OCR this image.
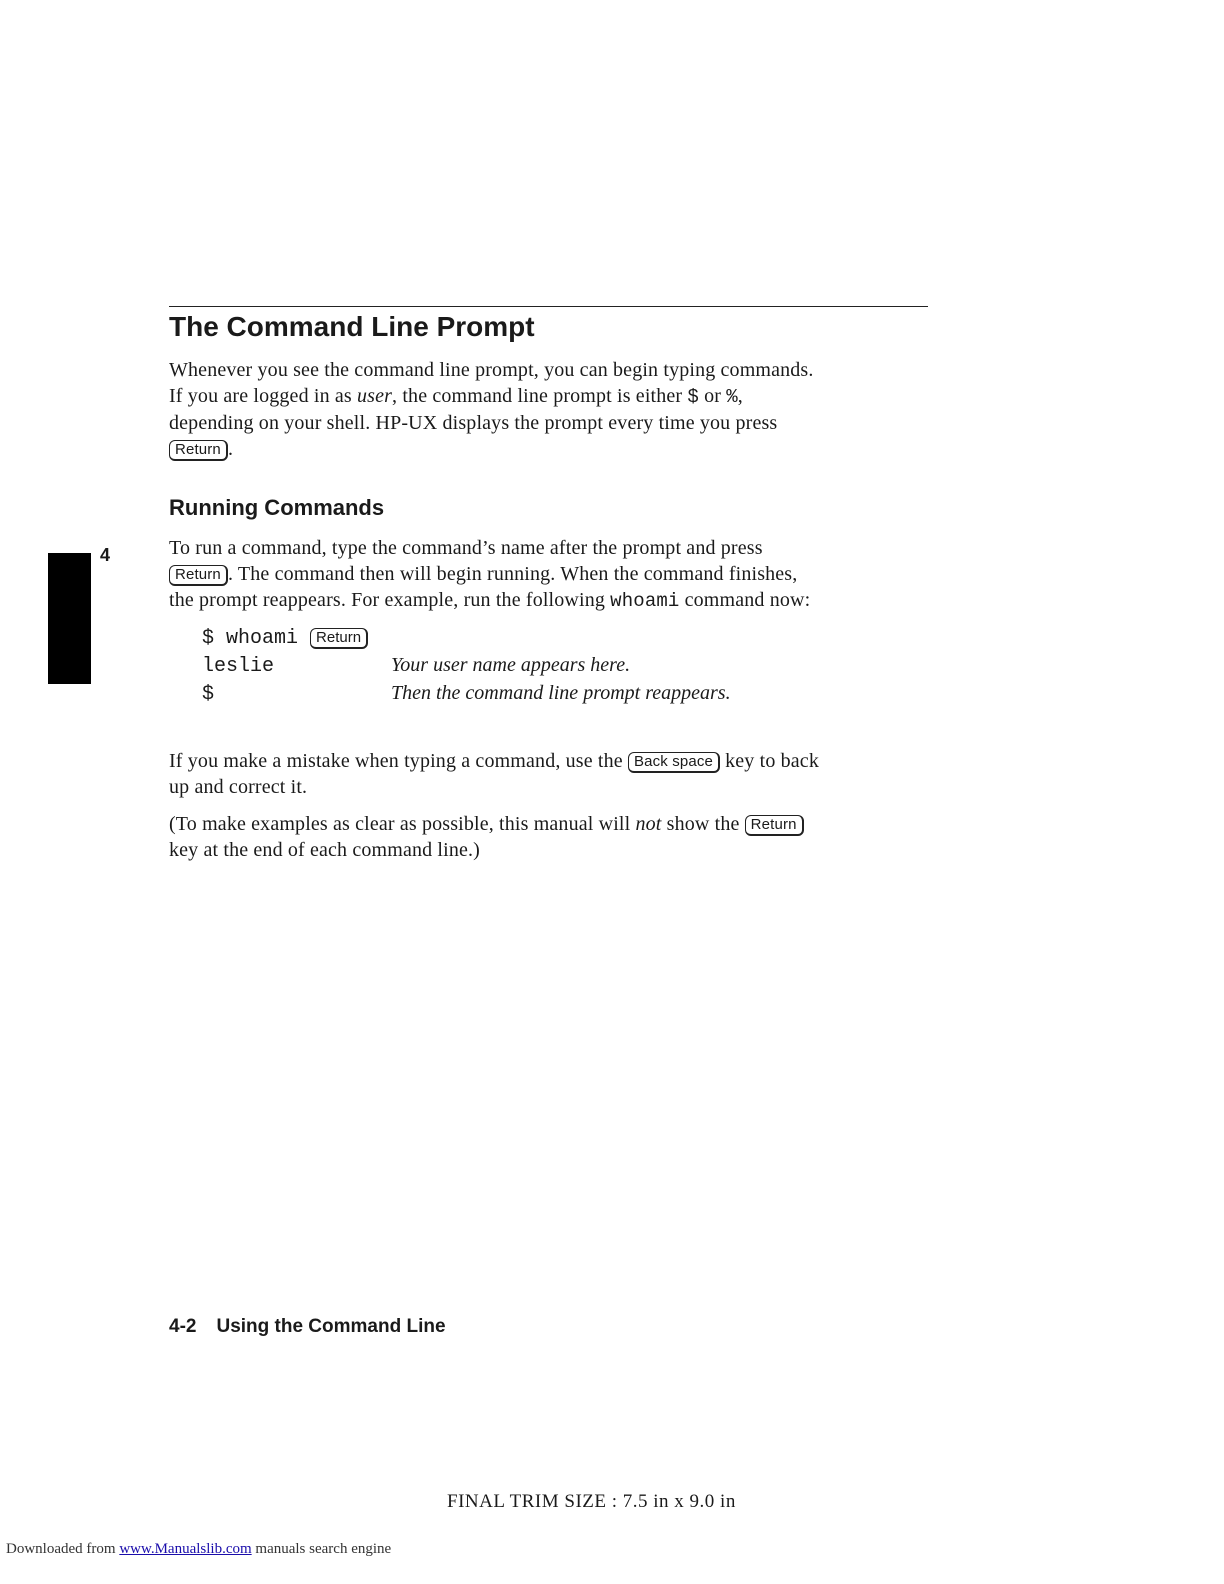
The Command Line Prompt
Whenever you see the command line prompt, you can begin typing commands.
If you are logged in as user, the command line prompt is either $ or %,
depending on your shell. HP-UX displays the prompt every time you press
Return .
Running Commands
4	To run a command, type the command’s name after the prompt and press
Return . The command then will begin running. When the command finishes,
the prompt reappears. For example, run the following whoami command now:
$ whoami Return
leslie	Your user name appears here.
$	Then the command line prompt reappears.
If you make a mistake when typing a command, use the Back space key to back
up and correct it.
(To make examples as clear as possible, this manual will not show the Return
key at the end of each command line.)
4-2 Using the Command Line
FINAL TRIM SIZE : 7.5 in x 9.0 in
Downloaded from www.Manualslib.com manuals search engine
